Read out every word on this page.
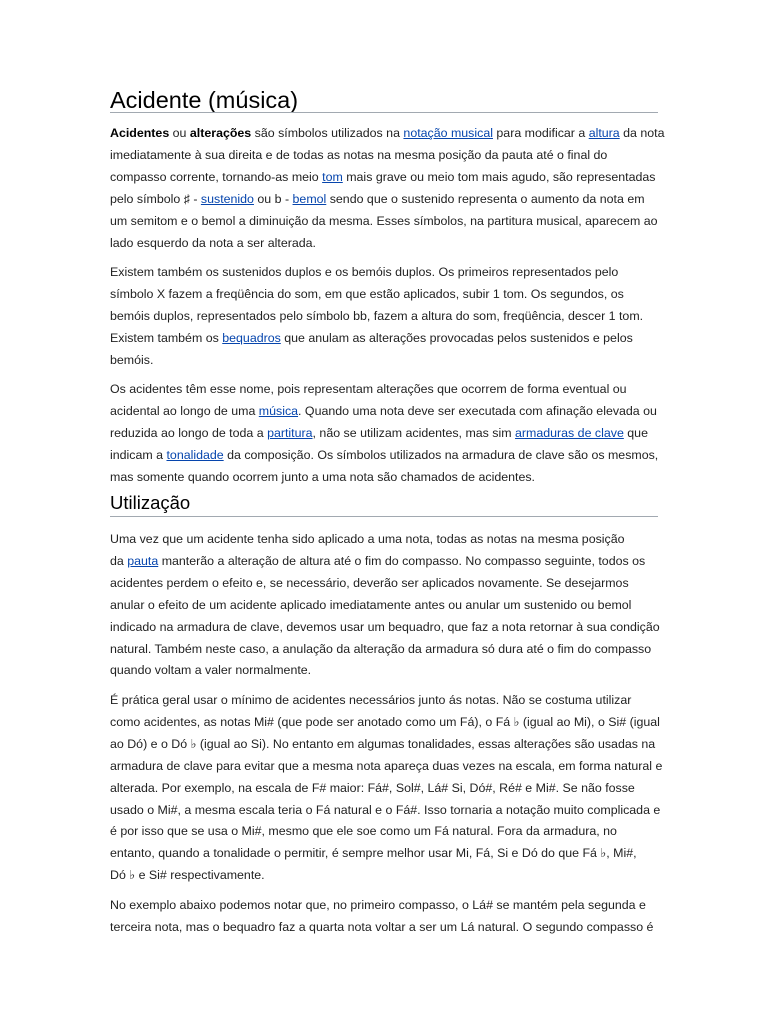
Acidente (música)

Acidentes ou alterações são símbolos utilizados na notação musical para modificar a altura da nota
imediatamente à sua direita e de todas as notas na mesma posição da pauta até o final do
compasso corrente, tornando-as meio tom mais grave ou meio tom mais agudo, são representadas
pelo símbolo ♯ - sustenido ou b - bemol sendo que o sustenido representa o aumento da nota em
um semitom e o bemol a diminuição da mesma. Esses símbolos, na partitura musical, aparecem ao
lado esquerdo da nota a ser alterada.

Existem também os sustenidos duplos e os bemóis duplos. Os primeiros representados pelo
símbolo X fazem a freqüência do som, em que estão aplicados, subir 1 tom. Os segundos, os
bemóis duplos, representados pelo símbolo bb, fazem a altura do som, freqüência, descer 1 tom.
Existem também os bequadros que anulam as alterações provocadas pelos sustenidos e pelos
bemóis.

Os acidentes têm esse nome, pois representam alterações que ocorrem de forma eventual ou
acidental ao longo de uma música. Quando uma nota deve ser executada com afinação elevada ou
reduzida ao longo de toda a partitura, não se utilizam acidentes, mas sim armaduras de clave que
indicam a tonalidade da composição. Os símbolos utilizados na armadura de clave são os mesmos,
mas somente quando ocorrem junto a uma nota são chamados de acidentes.

Utilização

Uma vez que um acidente tenha sido aplicado a uma nota, todas as notas na mesma posição
da pauta manterão a alteração de altura até o fim do compasso. No compasso seguinte, todos os
acidentes perdem o efeito e, se necessário, deverão ser aplicados novamente. Se desejarmos
anular o efeito de um acidente aplicado imediatamente antes ou anular um sustenido ou bemol
indicado na armadura de clave, devemos usar um bequadro, que faz a nota retornar à sua condição
natural. Também neste caso, a anulação da alteração da armadura só dura até o fim do compasso
quando voltam a valer normalmente.

É prática geral usar o mínimo de acidentes necessários junto ás notas. Não se costuma utilizar
como acidentes, as notas Mi# (que pode ser anotado como um Fá), o Fá ♭ (igual ao Mi), o Si# (igual
ao Dó) e o Dó ♭ (igual ao Si). No entanto em algumas tonalidades, essas alterações são usadas na
armadura de clave para evitar que a mesma nota apareça duas vezes na escala, em forma natural e
alterada. Por exemplo, na escala de F# maior: Fá#, Sol#, Lá# Si, Dó#, Ré# e Mi#. Se não fosse
usado o Mi#, a mesma escala teria o Fá natural e o Fá#. Isso tornaria a notação muito complicada e
é por isso que se usa o Mi#, mesmo que ele soe como um Fá natural. Fora da armadura, no
entanto, quando a tonalidade o permitir, é sempre melhor usar Mi, Fá, Si e Dó do que Fá ♭, Mi#,
Dó ♭ e Si# respectivamente.

No exemplo abaixo podemos notar que, no primeiro compasso, o Lá# se mantém pela segunda e
terceira nota, mas o bequadro faz a quarta nota voltar a ser um Lá natural. O segundo compasso é
